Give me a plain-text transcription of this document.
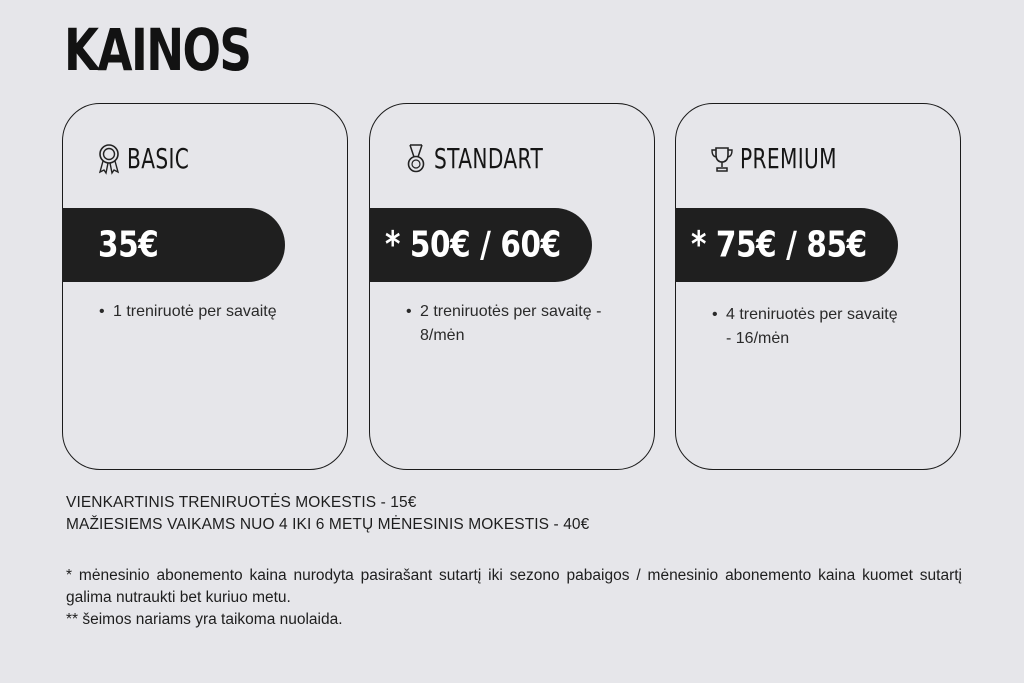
KAINOS
BASIC
35€
• 1 treniruotė per savaitę
STANDART
* 50€ / 60€
• 2 treniruotės per savaitę -
8/mėn
PREMIUM
* 75€ / 85€
• 4 treniruotės per savaitę
- 16/mėn
VIENKARTINIS TRENIRUOTĖS MOKESTIS - 15€
MAŽIESIEMS VAIKAMS NUO 4 IKI 6 METŲ MĖNESINIS MOKESTIS - 40€

* mėnesinio abonemento kaina nurodyta pasirašant sutartį iki sezono pabaigos / mėnesinio abonemento kaina kuomet sutartį galima nutraukti bet kuriuo metu.

** šeimos nariams yra taikoma nuolaida.
